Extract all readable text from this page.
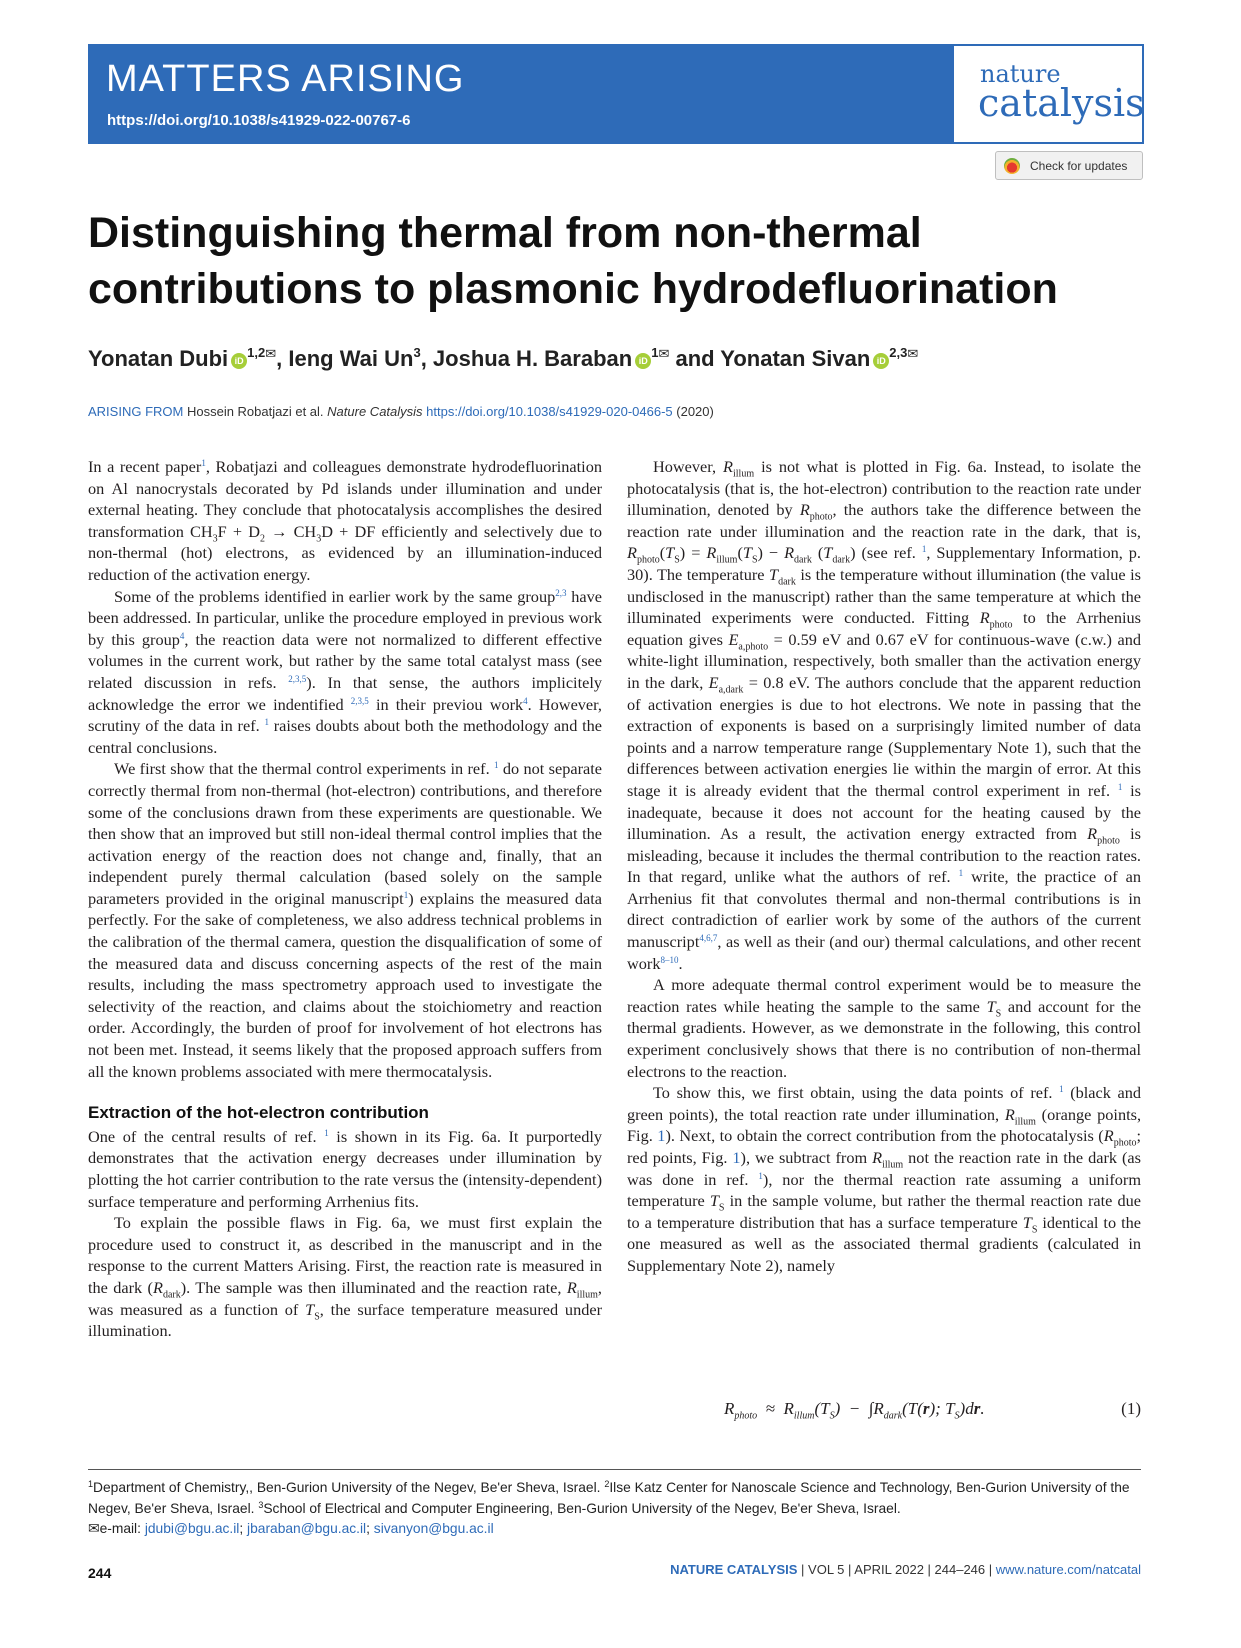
MATTERS ARISING
https://doi.org/10.1038/s41929-022-00767-6
nature
catalysis
Check for updates
Distinguishing thermal from non-thermal contributions to plasmonic hydrodefluorination
Yonatan Dubi iD$^{1,2✉}$, Ieng Wai Un$^3$, Joshua H. Baraban iD$^{1✉}$ and Yonatan Sivan iD$^{2,3✉}$
ARISING FROM Hossein Robatjazi et al. Nature Catalysis https://doi.org/10.1038/s41929-020-0466-5 (2020)

In a recent paper$^1$, Robatjazi and colleagues demonstrate hydrodefluorination on Al nanocrystals decorated by Pd islands under illumination and under external heating. They conclude that photocatalysis accomplishes the desired transformation $CH_3F + D_2 \to CH_3D$ + DF efficiently and selectively due to non-thermal (hot) electrons, as evidenced by an illumination-induced reduction of the activation energy.

Some of the problems identified in earlier work by the same group$^{2,3}$ have been addressed. In particular, unlike the procedure employed in previous work by this group$^4$, the reaction data were not normalized to different effective volumes in the current work, but rather by the same total catalyst mass (see related discussion in refs. $^{2,3,5}$). In that sense, the authors implicitely acknowledge the error we indentified $^{2,3,5}$ in their previou work$^4$. However, scrutiny of the data in ref. $^1$ raises doubts about both the methodology and the central conclusions.

We first show that the thermal control experiments in ref. $^1$ do not separate correctly thermal from non-thermal (hot-electron) contributions, and therefore some of the conclusions drawn from these experiments are questionable. We then show that an improved but still non-ideal thermal control implies that the activation energy of the reaction does not change and, finally, that an independent purely thermal calculation (based solely on the sample parameters provided in the original manuscript$^1$) explains the measured data perfectly. For the sake of completeness, we also address technical problems in the calibration of the thermal camera, question the disqualification of some of the measured data and discuss concerning aspects of the rest of the main results, including the mass spectrometry approach used to investigate the selectivity of the reaction, and claims about the stoichiometry and reaction order. Accordingly, the burden of proof for involvement of hot electrons has not been met. Instead, it seems likely that the proposed approach suffers from all the known problems associated with mere thermocatalysis.

Extraction of the hot-electron contribution

One of the central results of ref. $^1$ is shown in its Fig. 6a. It purportedly demonstrates that the activation energy decreases under illumination by plotting the hot carrier contribution to the rate versus the (intensity-dependent) surface temperature and performing Arrhenius fits.

To explain the possible flaws in Fig. 6a, we must first explain the procedure used to construct it, as described in the manuscript and in the response to the current Matters Arising. First, the reaction rate is measured in the dark $(R_{dark})$. The sample was then illuminated and the reaction rate, $R_{illum}$, was measured as a function of $T_S$, the surface temperature measured under illumination.

However, $R_{illum}$ is not what is plotted in Fig. 6a. Instead, to isolate the photocatalysis (that is, the hot-electron) contribution to the reaction rate under illumination, denoted by $R_{photo}$, the authors take the difference between the reaction rate under illumination and the reaction rate in the dark, that is, $R_{photo}(T_S) = R_{illum}(T_S) - R_{dark}$ $(T_{dark})$ (see ref. $^1$, Supplementary Information, p. 30). The temperature $T_{dark}$ is the temperature without illumination (the value is undisclosed in the manuscript) rather than the same temperature at which the illuminated experiments were conducted. Fitting $R_{photo}$ to the Arrhenius equation gives $E_{a,photo} = 0.59$ eV and 0.67 eV for continuous-wave (c.w.) and white-light illumination, respectively, both smaller than the activation energy in the dark, $E_{a,dark} = 0.8$ eV. The authors conclude that the apparent reduction of activation energies is due to hot electrons. We note in passing that the extraction of exponents is based on a surprisingly limited number of data points and a narrow temperature range (Supplementary Note 1), such that the differences between activation energies lie within the margin of error. At this stage it is already evident that the thermal control experiment in ref. $^1$ is inadequate, because it does not account for the heating caused by the illumination. As a result, the activation energy extracted from $R_{photo}$ is misleading, because it includes the thermal contribution to the reaction rates. In that regard, unlike what the authors of ref. $^1$ write, the practice of an Arrhenius fit that convolutes thermal and non-thermal contributions is in direct contradiction of earlier work by some of the authors of the current manuscript$^{4,6,7}$, as well as their (and our) thermal calculations, and other recent work$^{8-10}$.

A more adequate thermal control experiment would be to measure the reaction rates while heating the sample to the same $T_S$ and account for the thermal gradients. However, as we demonstrate in the following, this control experiment conclusively shows that there is no contribution of non-thermal electrons to the reaction.

To show this, we first obtain, using the data points of ref. $^1$ (black and green points), the total reaction rate under illumination, $R_{illum}$ (orange points, Fig. 1). Next, to obtain the correct contribution from the photocatalysis ($R_{photo}$; red points, Fig. 1), we subtract from $R_{illum}$ not the reaction rate in the dark (as was done in ref. $^1$), nor the thermal reaction rate assuming a uniform temperature $T_S$ in the sample volume, but rather the thermal reaction rate due to a temperature distribution that has a surface temperature $T_S$ identical to the one measured as well as the associated thermal gradients (calculated in Supplementary Note 2), namely

$R_{photo} \approx R_{illum}(T_S) - \int R_{dark}(T(r)$; $T_S)dr$.	(1)
$^1$Department of Chemistry,, Ben-Gurion University of the Negev, Be'er Sheva, Israel. $^2$Ilse Katz Center for Nanoscale Science and Technology, Ben-Gurion University of the Negev, Be'er Sheva, Israel. $^3$School of Electrical and Computer Engineering, Ben-Gurion University of the Negev, Be'er Sheva, Israel.
✉e-mail: jdubi@bgu.ac.il; jbaraban@bgu.ac.il; sivanyon@bgu.ac.il
244	NATURE CATALYSIS | VOL 5 | APRIL 2022 | 244–246 | www.nature.com/natcatal
